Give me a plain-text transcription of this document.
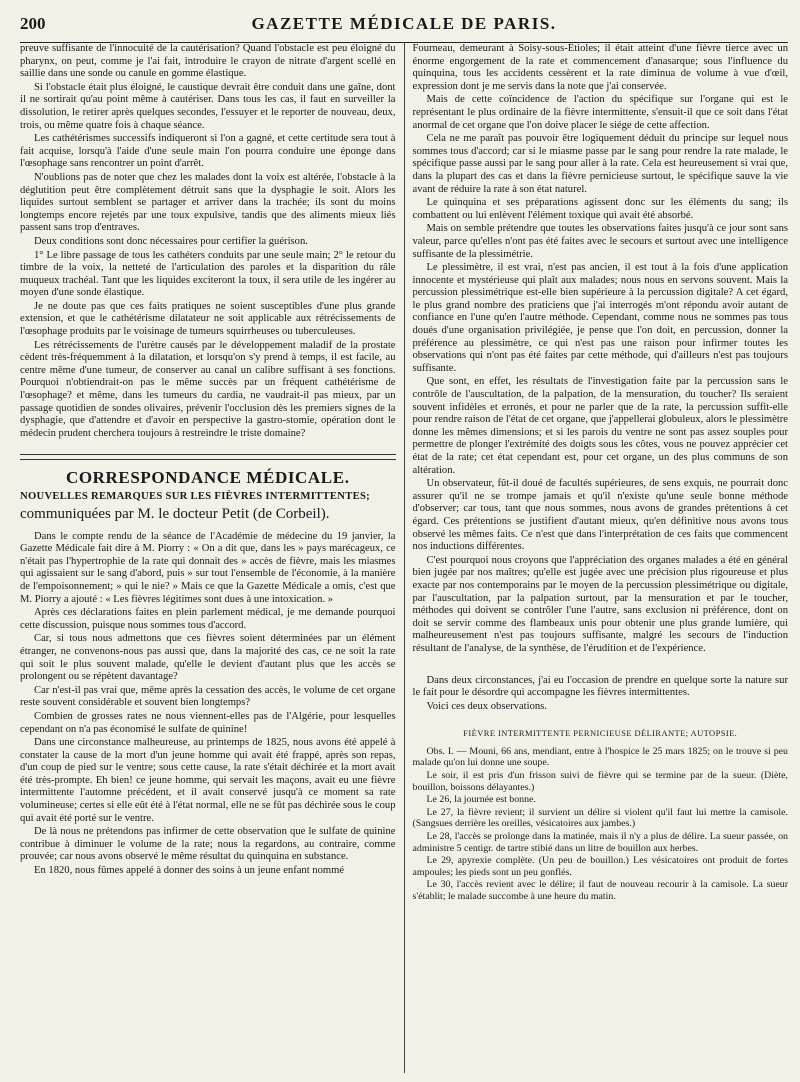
200	GAZETTE MÉDICALE DE PARIS.

preuve suffisante de l'innocuité de la cautérisation? Quand l'obstacle est peu éloigné du pharynx, on peut, comme je l'ai fait, introduire le crayon de nitrate d'argent scellé en saillie dans une sonde ou canule en gomme élastique.

Si l'obstacle était plus éloigné, le caustique devrait être conduit dans une gaîne, dont il ne sortirait qu'au point même à cautériser. Dans tous les cas, il faut en surveiller la dissolution, le retirer après quelques secondes, l'essuyer et le reporter de nouveau, deux, trois, ou même quatre fois à chaque séance.

Les cathétérismes successifs indiqueront si l'on a gagné, et cette certitude sera tout à fait acquise, lorsqu'à l'aide d'une seule main l'on pourra conduire une éponge dans l'œsophage sans rencontrer un point d'arrêt.

N'oublions pas de noter que chez les malades dont la voix est altérée, l'obstacle à la déglutition peut être complètement détruit sans que la dysphagie le soit. Alors les liquides surtout semblent se partager et arriver dans la trachée; ils sont du moins longtemps encore rejetés par une toux expulsive, tandis que des aliments mieux liés passent sans trop d'entraves.

Deux conditions sont donc nécessaires pour certifier la guérison.

1° Le libre passage de tous les cathéters conduits par une seule main; 2° le retour du timbre de la voix, la netteté de l'articulation des paroles et la disparition du râle muqueux trachéal. Tant que les liquides exciteront la toux, il sera utile de les ingérer au moyen d'une sonde élastique.

Je ne doute pas que ces faits pratiques ne soient susceptibles d'une plus grande extension, et que le cathétérisme dilatateur ne soit applicable aux rétrécissements de l'œsophage produits par le voisinage de tumeurs squirrheuses ou tuberculeuses.

Les rétrécissements de l'urètre causés par le développement maladif de la prostate cèdent très-fréquemment à la dilatation, et lorsqu'on s'y prend à temps, il est facile, au centre même d'une tumeur, de conserver au canal un calibre suffisant à ses fonctions. Pourquoi n'obtiendrait-on pas le même succès par un fréquent cathétérisme de l'œsophage? et même, dans les tumeurs du cardia, ne vaudrait-il pas mieux, par un passage quotidien de sondes olivaires, prévenir l'occlusion dès les premiers signes de la dysphagie, que d'attendre et d'avoir en perspective la gastro-stomie, opération dont le médecin prudent cherchera toujours à restreindre le triste domaine?

CORRESPONDANCE MÉDICALE.
NOUVELLES REMARQUES SUR LES FIÈVRES INTERMITTENTES;
communiquées par M. le docteur Petit (de Corbeil).

Dans le compte rendu de la séance de l'Académie de médecine du 19 janvier, la Gazette Médicale fait dire à M. Piorry : « On a dit que, dans les » pays marécageux, ce n'était pas l'hypertrophie de la rate qui donnait des » accès de fièvre, mais les miasmes qui agissaient sur le sang d'abord, puis » sur tout l'ensemble de l'économie, à la manière de l'empoisonnement; » qui le nie? » Mais ce que la Gazette Médicale a omis, c'est que M. Piorry a ajouté : « Les fièvres légitimes sont dues à une intoxication. »

Après ces déclarations faites en plein parlement médical, je me demande pourquoi cette discussion, puisque nous sommes tous d'accord.

Car, si tous nous admettons que ces fièvres soient déterminées par un élément étranger, ne convenons-nous pas aussi que, dans la majorité des cas, ce ne soit la rate qui soit le plus souvent malade, qu'elle le devient d'autant plus que les accès se prolongent ou se répètent davantage?

Car n'est-il pas vrai que, même après la cessation des accès, le volume de cet organe reste souvent considérable et souvent bien longtemps?

Combien de grosses rates ne nous viennent-elles pas de l'Algérie, pour lesquelles cependant on n'a pas économisé le sulfate de quinine!

Dans une circonstance malheureuse, au printemps de 1825, nous avons été appelé à constater la cause de la mort d'un jeune homme qui avait été frappé, après son repas, d'un coup de pied sur le ventre; sous cette cause, la rate s'était déchirée et la mort avait été très-prompte. Eh bien! ce jeune homme, qui servait les maçons, avait eu une fièvre intermittente l'automne précédent, et il avait conservé jusqu'à ce moment sa rate volumineuse; certes si elle eût été à l'état normal, elle ne se fût pas déchirée sous le coup qui avait été porté sur le ventre.

De là nous ne prétendons pas infirmer de cette observation que le sulfate de quinine contribue à diminuer le volume de la rate; nous la regardons, au contraire, comme prouvée; car nous avons observé le même résultat du quinquina en substance.

En 1820, nous fûmes appelé à donner des soins à un jeune enfant nommé

Fourneau, demeurant à Soisy-sous-Étioles; il était atteint d'une fièvre tierce avec un énorme engorgement de la rate et commencement d'anasarque; sous l'influence du quinquina, tous les accidents cessèrent et la rate diminua de volume à vue d'œil, expression dont je me servis dans la note que j'ai conservée.

Mais de cette coïncidence de l'action du spécifique sur l'organe qui est le représentant le plus ordinaire de la fièvre intermittente, s'ensuit-il que ce soit dans l'état anormal de cet organe que l'on doive placer le siége de cette affection.

Cela ne me paraît pas pouvoir être logiquement déduit du principe sur lequel nous sommes tous d'accord; car si le miasme passe par le sang pour rendre la rate malade, le spécifique passe aussi par le sang pour aller à la rate. Cela est heureusement si vrai que, dans la plupart des cas et dans la fièvre pernicieuse surtout, le spécifique sauve la vie avant de réduire la rate à son état naturel.

Le quinquina et ses préparations agissent donc sur les éléments du sang; ils combattent ou lui enlèvent l'élément toxique qui avait été absorbé.

Mais on semble prétendre que toutes les observations faites jusqu'à ce jour sont sans valeur, parce qu'elles n'ont pas été faites avec le secours et surtout avec une intelligence suffisante de la plessimétrie.

Le plessimètre, il est vrai, n'est pas ancien, il est tout à la fois d'une application innocente et mystérieuse qui plaît aux malades; nous nous en servons souvent. Mais la percussion plessimétrique est-elle bien supérieure à la percussion digitale? A cet égard, le plus grand nombre des praticiens que j'ai interrogés m'ont répondu avoir autant de confiance en l'une qu'en l'autre méthode. Cependant, comme nous ne sommes pas tous doués d'une organisation privilégiée, je pense que l'on doit, en percussion, donner la préférence au plessimètre, ce qui n'est pas une raison pour infirmer toutes les observations qui n'ont pas été faites par cette méthode, qui d'ailleurs n'est pas toujours suffisante.

Que sont, en effet, les résultats de l'investigation faite par la percussion sans le contrôle de l'auscultation, de la palpation, de la mensuration, du toucher? Ils seraient souvent infidèles et erronés, et pour ne parler que de la rate, la percussion suffit-elle pour rendre raison de l'état de cet organe, que j'appellerai globuleux, alors le plessimètre donne les mêmes dimensions; et si les parois du ventre ne sont pas assez souples pour permettre de plonger l'extrémité des doigts sous les côtes, vous ne pouvez apprécier cet état de la rate; cet état cependant est, pour cet organe, un des plus communs de son altération.

Un observateur, fût-il doué de facultés supérieures, de sens exquis, ne pourrait donc assurer qu'il ne se trompe jamais et qu'il n'existe qu'une seule bonne méthode d'observer; car tous, tant que nous sommes, nous avons de grandes prétentions à cet égard. Ces prétentions se justifient d'autant mieux, qu'en définitive nous avons tous observé les mêmes faits. Ce n'est que dans l'interprétation de ces faits que commencent nos inductions différentes.

C'est pourquoi nous croyons que l'appréciation des organes malades a été en général bien jugée par nos maîtres; qu'elle est jugée avec une précision plus rigoureuse et plus exacte par nos contemporains par le moyen de la percussion plessimétrique ou digitale, par l'auscultation, par la palpation surtout, par la mensuration et par le toucher, méthodes qui doivent se contrôler l'une l'autre, sans exclusion ni préférence, dont on doit se servir comme des flambeaux unis pour obtenir une plus grande lumière, qui malheureusement n'est pas toujours suffisante, malgré les secours de l'induction résultant de l'analyse, de la synthèse, de l'érudition et de l'expérience.

Dans deux circonstances, j'ai eu l'occasion de prendre en quelque sorte la nature sur le fait pour le désordre qui accompagne les fièvres intermittentes.

Voici ces deux observations.

FIÈVRE INTERMITTENTE PERNICIEUSE DÉLIRANTE; AUTOPSIE.

Obs. I. — Mouni, 66 ans, mendiant, entre à l'hospice le 25 mars 1825; on le trouve si peu malade qu'on lui donne une soupe.

Le soir, il est pris d'un frisson suivi de fièvre qui se termine par de la sueur. (Diète, bouillon, boissons délayantes.)

Le 26, la journée est bonne.

Le 27, la fièvre revient; il survient un délire si violent qu'il faut lui mettre la camisole. (Sangsues derrière les oreilles, vésicatoires aux jambes.)

Le 28, l'accès se prolonge dans la matinée, mais il n'y a plus de délire. La sueur passée, on administre 5 centigr. de tartre stibié dans un litre de bouillon aux herbes.

Le 29, apyrexie complète. (Un peu de bouillon.) Les vésicatoires ont produit de fortes ampoules; les pieds sont un peu gonflés.

Le 30, l'accès revient avec le délire; il faut de nouveau recourir à la camisole. La sueur s'établit; le malade succombe à une heure du matin.
